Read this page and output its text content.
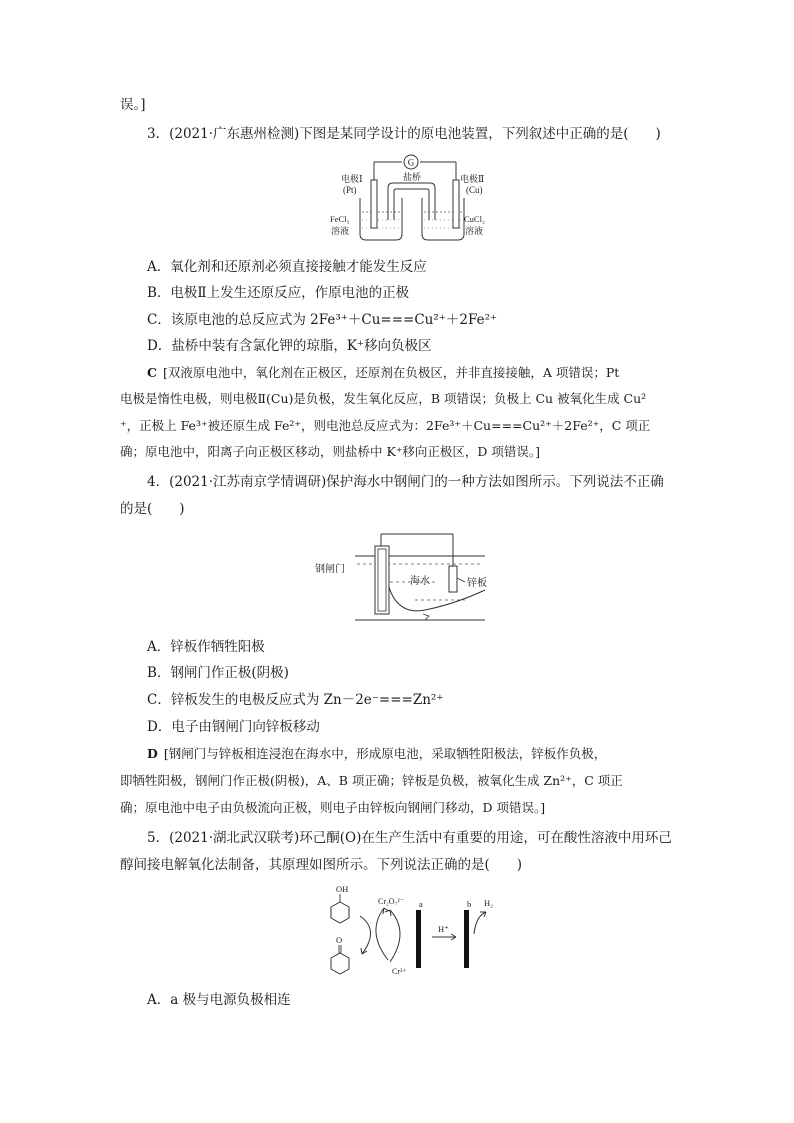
误。]
3．(2021·广东惠州检测)下图是某同学设计的原电池装置，下列叙述中正确的是(　　)
G
盐桥
电极Ⅰ
(Pt)
电极Ⅱ
(Cu)
FeCl₃
溶液
CuCl₂
溶液
A．氧化剂和还原剂必须直接接触才能发生反应
B．电极Ⅱ上发生还原反应，作原电池的正极
C．该原电池的总反应式为 2Fe³⁺＋Cu===Cu²⁺＋2Fe²⁺
D．盐桥中装有含氯化钾的琼脂，K⁺移向负极区
C [双液原电池中，氧化剂在正极区，还原剂在负极区，并非直接接触，A 项错误；Pt
电极是惰性电极，则电极Ⅱ(Cu)是负极，发生氧化反应，B 项错误；负极上 Cu 被氧化生成 Cu²
⁺，正极上 Fe³⁺被还原生成 Fe²⁺，则电池总反应式为：2Fe³⁺＋Cu===Cu²⁺＋2Fe²⁺，C 项正
确；原电池中，阳离子向正极区移动，则盐桥中 K⁺移向正极区，D 项错误。]
4．(2021·江苏南京学情调研)保护海水中钢闸门的一种方法如图所示。下列说法不正确
的是(　　)
钢闸门
海水	锌板
A．锌板作牺牲阳极
B．钢闸门作正极(阴极)
C．锌板发生的电极反应式为 Zn－2e⁻===Zn²⁺
D．电子由钢闸门向锌板移动
D [钢闸门与锌板相连浸泡在海水中，形成原电池，采取牺牲阳极法，锌板作负极，
即牺牲阳极，钢闸门作正极(阴极)，A、B 项正确；锌板是负极，被氧化生成 Zn²⁺，C 项正
确；原电池中电子由负极流向正极，则电子由锌板向钢闸门移动，D 项错误。]
5．(2021·湖北武汉联考)环己酮(O)在生产生活中有重要的用途，可在酸性溶液中用环己
醇间接电解氧化法制备，其原理如图所示。下列说法正确的是(　　)
OH
O
Cr₂O₇²⁻
Cr³⁺
a
H⁺
b H₂
A．a 极与电源负极相连
